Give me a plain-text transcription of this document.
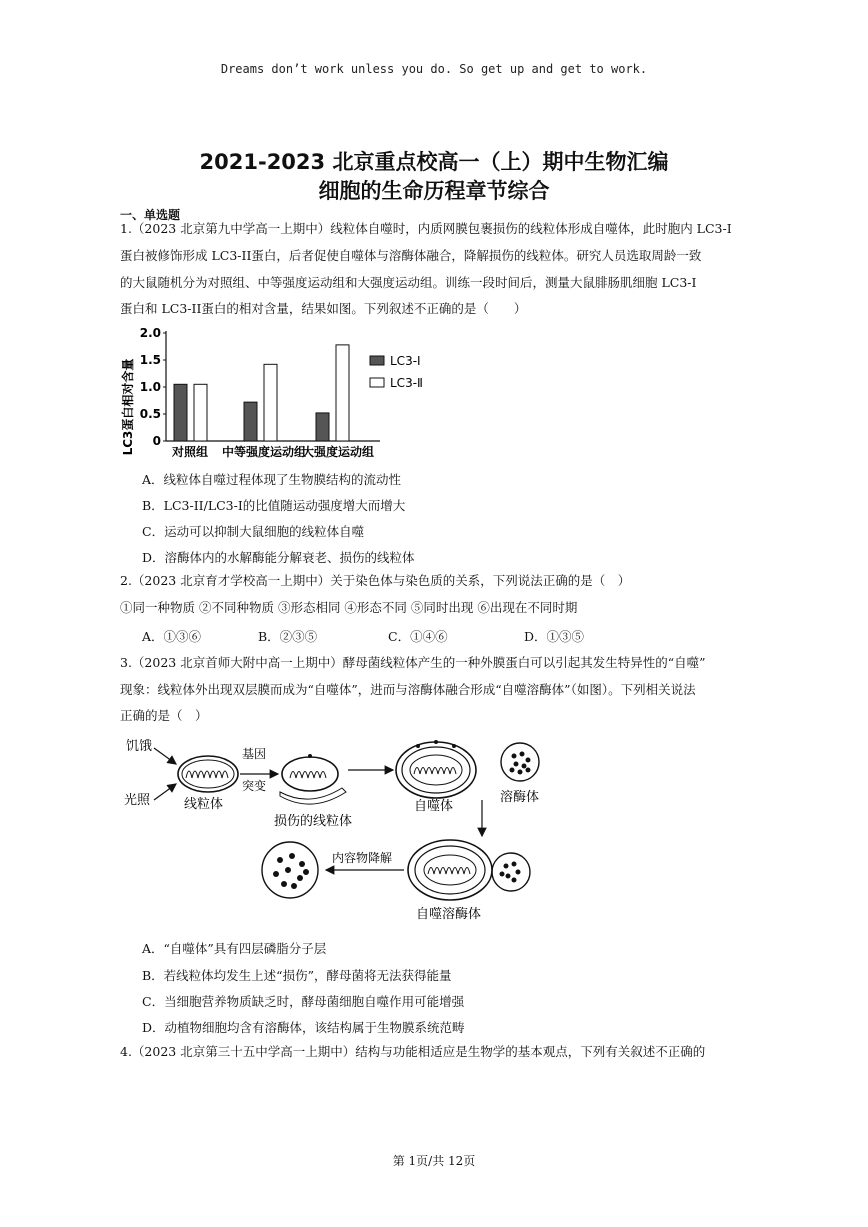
Dreams don’t work unless you do. So get up and get to work.
2021-2023 北京重点校高一（上）期中生物汇编
细胞的生命历程章节综合
一、单选题
1.（2023 北京第九中学高一上期中）线粒体自噬时，内质网膜包裹损伤的线粒体形成自噬体，此时胞内 LC3-I
蛋白被修饰形成 LC3-II蛋白，后者促使自噬体与溶酶体融合，降解损伤的线粒体。研究人员选取周龄一致
的大鼠随机分为对照组、中等强度运动组和大强度运动组。训练一段时间后，测量大鼠腓肠肌细胞 LC3-I
蛋白和 LC3-II蛋白的相对含量，结果如图。下列叙述不正确的是（　　）
LC3蛋白相对含量 0
0.5
1.0
1.5
2.0
对照组 中等强度运动组
大强度运动组
LC3-Ⅰ
LC3-Ⅱ
A．线粒体自噬过程体现了生物膜结构的流动性
B．LC3-II/LC3-I的比值随运动强度增大而增大
C．运动可以抑制大鼠细胞的线粒体自噬
D．溶酶体内的水解酶能分解衰老、损伤的线粒体
2.（2023 北京育才学校高一上期中）关于染色体与染色质的关系，下列说法正确的是（　）
①同一种物质 ②不同种物质 ③形态相同 ④形态不同 ⑤同时出现 ⑥出现在不同时期
A．①③⑥	B．②③⑤	C．①④⑥	D．①③⑤
3.（2023 北京首师大附中高一上期中）酵母菌线粒体产生的一种外膜蛋白可以引起其发生特异性的“自噬”
现象：线粒体外出现双层膜而成为“自噬体”，进而与溶酶体融合形成“自噬溶酶体”（如图）。下列相关说法
正确的是（　）
饥饿
光照	线粒体
基因
突变
损伤的线粒体
自噬体
溶酶体
自噬溶酶体
内容物降解
A．“自噬体”具有四层磷脂分子层
B．若线粒体均发生上述“损伤”，酵母菌将无法获得能量
C．当细胞营养物质缺乏时，酵母菌细胞自噬作用可能增强
D．动植物细胞均含有溶酶体，该结构属于生物膜系统范畴
4.（2023 北京第三十五中学高一上期中）结构与功能相适应是生物学的基本观点，下列有关叙述不正确的
第 1页/共 12页
